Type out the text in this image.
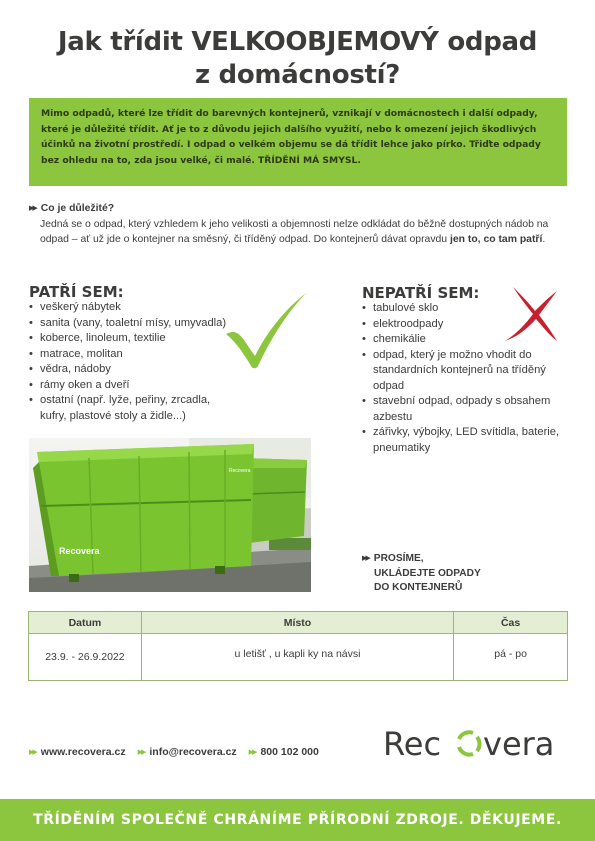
Jak třídit VELKOOBJEMOVÝ odpad
z domácností?
Mimo odpadů, které lze třídit do barevných kontejnerů, vznikají v domácnostech i další odpady, které je důležité třídit. Ať je to z důvodu jejich dalšího využití, nebo k omezení jejich škodlivých účinků na životní prostředí. I odpad o velkém objemu se dá třídit lehce jako pírko. Třiďte odpady bez ohledu na to, zda jsou velké, či malé. TŘÍDĚNÍ MÁ SMYSL.
▶▶ Co je důležité?
Jedná se o odpad, který vzhledem k jeho velikosti a objemnosti nelze odkládat do běžně dostupných nádob na odpad – ať už jde o kontejner na směsný, či tříděný odpad. Do kontejnerů dávat opravdu jen to, co tam patří.
PATŘÍ SEM:
• veškerý nábytek
• sanita (vany, toaletní mísy, umyvadla)
• koberce, linoleum, textilie
• matrace, molitan
• vědra, nádoby
• rámy oken a dveří
• ostatní (např. lyže, peřiny, zrcadla, kufry, plastové stoly a židle...)
NEPATŘÍ SEM:
• tabulové sklo
• elektroodpady
• chemikálie
• odpad, který je možno vhodit do standardních kontejnerů na tříděný odpad
• stavební odpad, odpady s obsahem azbestu
• zářivky, výbojky, LED svítidla, baterie, pneumatiky
Recovera
Recovera
▶▶ PROSÍME,
UKLÁDEJTE ODPADY
DO KONTEJNERŮ
Datum	Místo	Čas
23.9. - 26.9.2022	u letišť , u kapli ky na návsi	pá - po
▶▶ www.recovera.cz ▶▶ info@recovera.cz ▶▶ 800 102 000 Rec vera
TŘÍDĚNÍM SPOLEČNĚ CHRÁNÍME PŘÍRODNÍ ZDROJE. DĚKUJEME.
